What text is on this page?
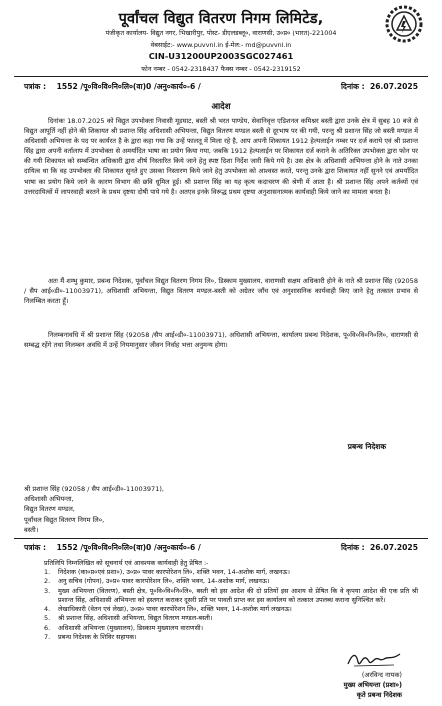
पूर्वांचल विद्युत वितरण निगम लिमिटेड,
पंजीकृत कार्यालय- विद्युत नगर, भिखारीपुर, पोस्ट- डीएलडब्लू०, वाराणसी, उ०प्र० (भारत)-221004
वेबसाईट:- www.puvvnl.in ई-मेल:- md@puvvnl.in
CIN-U31200UP2003SGC027461
फोन नम्बर - 0542-2318437 फैक्स नम्बर - 0542-2319152
पत्रांक : 1552 /पू०वि०वि०नि०लि०(वा)0 /अनु०कार्य०-6 /	दिनांक : 26.07.2025
आदेश
दिनांकः 18.07.2025 को विद्युत उपभोक्ता निवासी मूडघाट, बस्ती श्री भरत पाण्डेय, सेवानिवृत्त एडिशनल कमिश्नर बस्ती द्वारा उनके क्षेत्र में सुबह 10 बजे से विद्युत आपूर्ति नहीं होने की शिकायत श्री प्रशान्त सिंह अधिशासी अभियन्ता, विद्युत वितरण मण्डल बस्ती से दूरभाष पर की गयी, परन्तु श्री प्रशान्त सिंह जो बस्ती मण्डल में अधिशासी अभियन्ता के पद पर कार्यरत है के द्वारा कहा गया कि उन्हें फालतू में मिला रहे है, आप अपनी शिकायत 1912 हेल्पलाईन नम्बर पर दर्ज कराये एवं श्री प्रशान्त सिंह द्वारा अपनी वर्तालाप में उपभोक्ता से अमर्यादित भाषा का प्रयोग किया गया, जबकि 1912 हेल्पलाईन पर शिकायत दर्ज कराने के अतिरिक्त उपभोक्ता द्वारा फोन पर की गयी शिकायत को सम्बन्धित अधिकारी द्वारा शीर्ष निस्तारित किये जाने हेतु स्पष्ट दिशा निर्देश जारी किये गये है। उस क्षेत्र के अधिशासी अभियन्ता होने के नाते उनका दायित्व था कि वह उपभोक्ता की शिकायत सुनते हुए उसका निस्तारण किये जाने हेतु उपभोक्ता को आश्वस्त करते, परन्तु उनके द्वारा शिकायत नहीं सुनने एवं अमर्यादित भाषा का प्रयोग किये जाने के कारण विभाग की छवि धूमिल हुई। श्री प्रशान्त सिंह का यह कृत्य कदाचरण की श्रेणी में आता है। श्री प्रशान्त सिंह अपने कर्तव्यों एवं उत्तरदायित्वों में लापरवाही बरतने के प्रथम दृष्टया दोषी पाये गये है। अतएव इनके विरूद्ध प्रथम दृष्टया अनुशासनात्मक कार्यवाही किये जाने का मामला बनता है।
अतः मैं शम्भु कुमार, प्रबन्ध निदेशक, पूर्वांचल विद्युत वितरण निगम लि०, डिस्काम मुख्यालय, वाराणसी सक्षम अधिकारी होने के नाते श्री प्रशान्त सिंह (92058 / सैप आई०डी०-11003971), अधिशासी अभियन्ता, विद्युत वितरण मण्डल-बस्ती को अग्रेतर जाँच एवं अनुशासनिक कार्यवाही किए जाने हेतु तत्काल प्रभाव से निलम्बित करता हूँ।
निलम्बनावधि में श्री प्रशान्त सिंह (92058 /सैप आई०डी०-11003971), अधिशासी अभियन्ता, कार्यालय प्रबन्ध निदेशक, पू०वि०वि०नि०लि०, वाराणसी से सम्बद्ध रहेंगे तथा निलम्बन अवधि में उन्हें नियमानुसार जीवन निर्वाह भत्ता अनुमन्य होगा।
प्रबन्ध निदेशक
श्री प्रशान्त सिंह (92058 / सैप आई०डी०-11003971),
अधिशासी अभियन्ता,
विद्युत वितरण मण्डल,
पूर्वांचल विद्युत वितरण निगम लि०,
बस्ती।
पत्रांक : 1552 /पू०वि०वि०नि०लि०(वा)0 /अनु०कार्य०-6 /	दिनांक : 26.07.2025
प्रतिलिपि निम्नलिखित को सूचनार्थ एवं आवश्यक कार्यवाही हेतु प्रेषित :-
1. निदेशक (का०प्र०एवं प्रशा०), उ०प्र० पावर कारपोरेशन लि०, शक्ति भवन, 14-अशोक मार्ग, लखनऊ।
2. अनु सचिव (गोपन), उ०प्र० पावर कारपोरेशन लि०, शक्ति भवन, 14-अशोक मार्ग, लखनऊ।
3. मुख्य अभियन्ता (वितरण), बस्ती क्षेत्र, पू०वि०वि०नि०लि०, बस्ती को इस आदेश की दो प्रतियों इस आशय से प्रेषित कि वे कृपया आदेश की एक प्रति श्री प्रशान्त सिंह, अधिशासी अभियन्ता को हस्तगत कराकर दूसरी प्रति पर पावती प्राप्त कर इस कार्यालय को तत्काल उपलब्ध कराना सुनिश्चित करें।
4. लेखाधिकारी (वेतन एवं लेखा), उ०प्र० पावर कारपोरेशन लि०, शक्ति भवन, 14-अशोक मार्ग लखनऊ।
5. श्री प्रशान्त सिंह, अधिशासी अभियन्ता, विद्युत वितरण मण्डल-बस्ती।
6. अधिशासी अभियन्ता (मुख्यालय), डिस्काम मुख्यालय वाराणसी।
7. प्रबन्ध निदेशक के शिविर सहायक।
(अरविन्द नायक)
मुख्य अभियन्ता (प्रशा०)
कृते प्रबन्ध निदेशक
